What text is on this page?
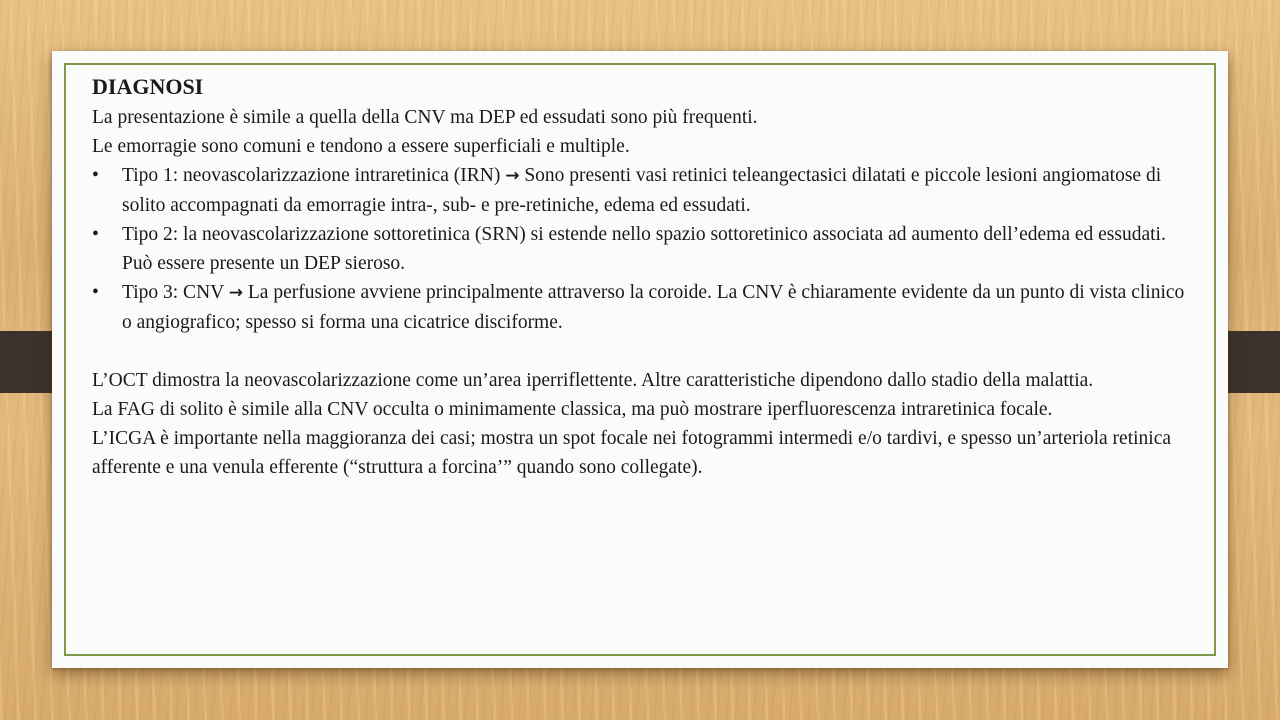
DIAGNOSI

La presentazione è simile a quella della CNV ma DEP ed essudati sono più frequenti.

Le emorragie sono comuni e tendono a essere superficiali e multiple.

• Tipo 1: neovascolarizzazione intraretinica (IRN) → Sono presenti vasi retinici teleangectasici dilatati e piccole lesioni angiomatose di solito accompagnati da emorragie intra-, sub- e pre-retiniche, edema ed essudati.
• Tipo 2: la neovascolarizzazione sottoretinica (SRN) si estende nello spazio sottoretinico associata ad aumento dell’edema ed essudati. Può essere presente un DEP sieroso.
• Tipo 3: CNV → La perfusione avviene principalmente attraverso la coroide. La CNV è chiaramente evidente da un punto di vista clinico o angiografico; spesso si forma una cicatrice disciforme.

L’OCT dimostra la neovascolarizzazione come un’area iperriflettente. Altre caratteristiche dipendono dallo stadio della malattia.

La FAG di solito è simile alla CNV occulta o minimamente classica, ma può mostrare iperfluorescenza intraretinica focale.

L’ICGA è importante nella maggioranza dei casi; mostra un spot focale nei fotogrammi intermedi e/o tardivi, e spesso un’arteriola retinica afferente e una venula efferente (“struttura a forcina’” quando sono collegate).
